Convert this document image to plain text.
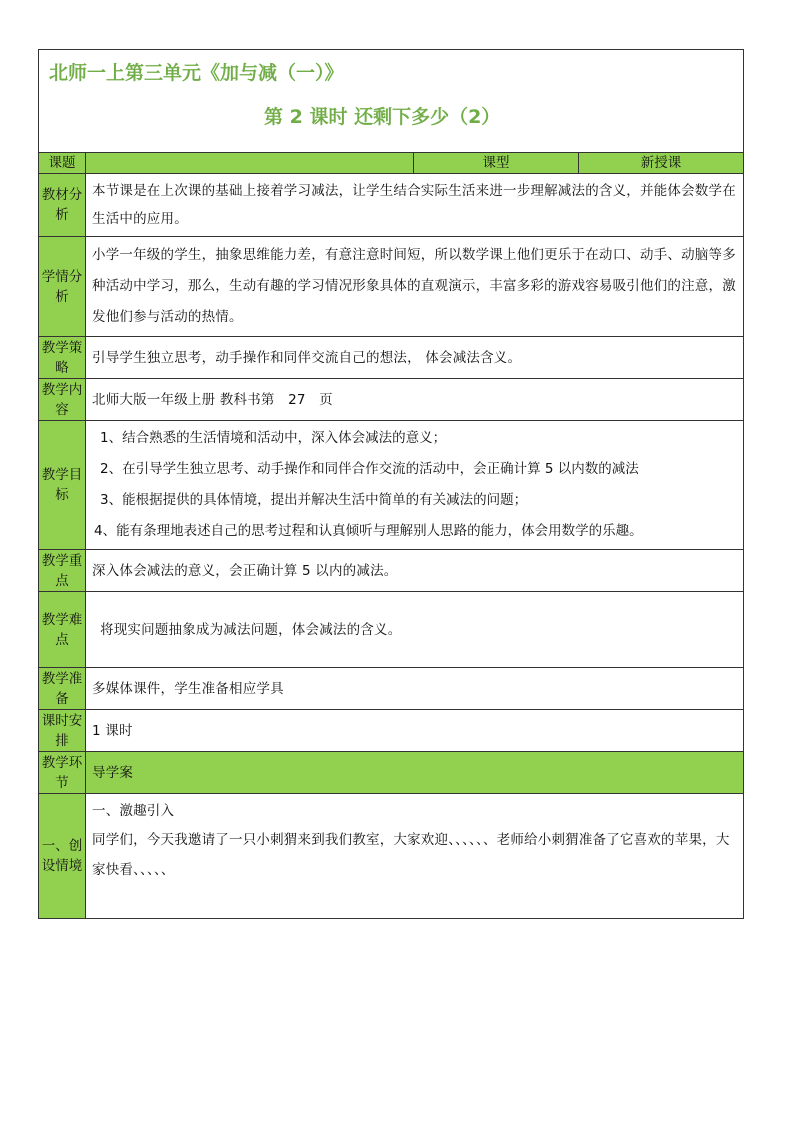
北师一上第三单元《加与减（一）》
第 2 课时 还剩下多少（2）			

课题		课型	新授课
教材分析	本节课是在上次课的基础上接着学习减法，让学生结合实际生活来进一步理解减法的含义，并能体会数学在生活中的应用。		
学情分析	小学一年级的学生，抽象思维能力差，有意注意时间短，所以数学课上他们更乐于在动口、动手、动脑等多种活动中学习，那么，生动有趣的学习情况形象具体的直观演示，丰富多彩的游戏容易吸引他们的注意，激发他们参与活动的热情。		
教学策略	引导学生独立思考，动手操作和同伴交流自己的想法， 体会减法含义。		
教学内容	北师大版一年级上册 教科书第   27   页		
教学目标	1、结合熟悉的生活情境和活动中，深入体会减法的意义；
2、在引导学生独立思考、动手操作和同伴合作交流的活动中，会正确计算 5 以内数的减法
3、能根据提供的具体情境，提出并解决生活中简单的有关减法的问题；
4、能有条理地表述自己的思考过程和认真倾听与理解别人思路的能力，体会用数学的乐趣。		

教学重点	深入体会减法的意义，会正确计算 5 以内的减法。		
教学难点	将现实问题抽象成为减法问题，体会减法的含义。		
教学准备	多媒体课件，学生准备相应学具		
课时安排	1 课时		
教学环节	导学案		
一、创设情境	一、激趣引入
同学们，今天我邀请了一只小刺猬来到我们教室，大家欢迎、、、、、、老师给小刺猬准备了它喜欢的苹果，大家快看、、、、、		
